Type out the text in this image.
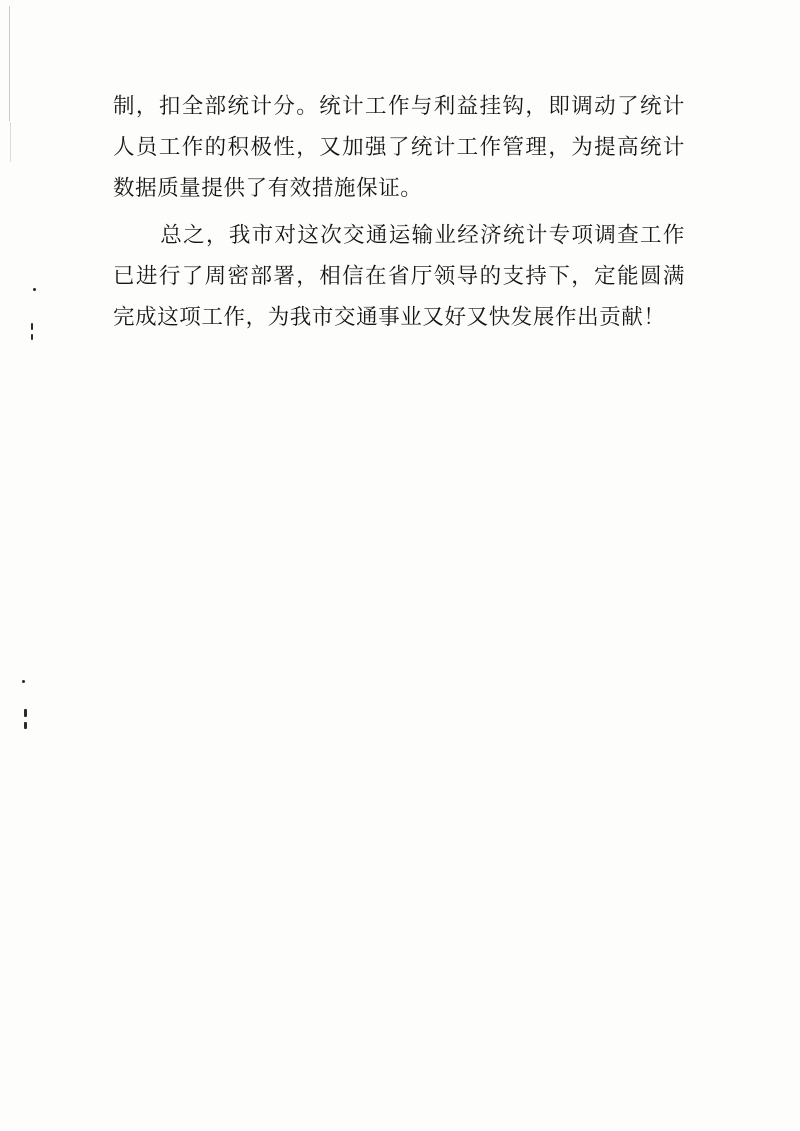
制，扣全部统计分。统计工作与利益挂钩，即调动了统计人员工作的积极性，又加强了统计工作管理，为提高统计数据质量提供了有效措施保证。

总之，我市对这次交通运输业经济统计专项调查工作已进行了周密部署，相信在省厅领导的支持下，定能圆满完成这项工作，为我市交通事业又好又快发展作出贡献！
